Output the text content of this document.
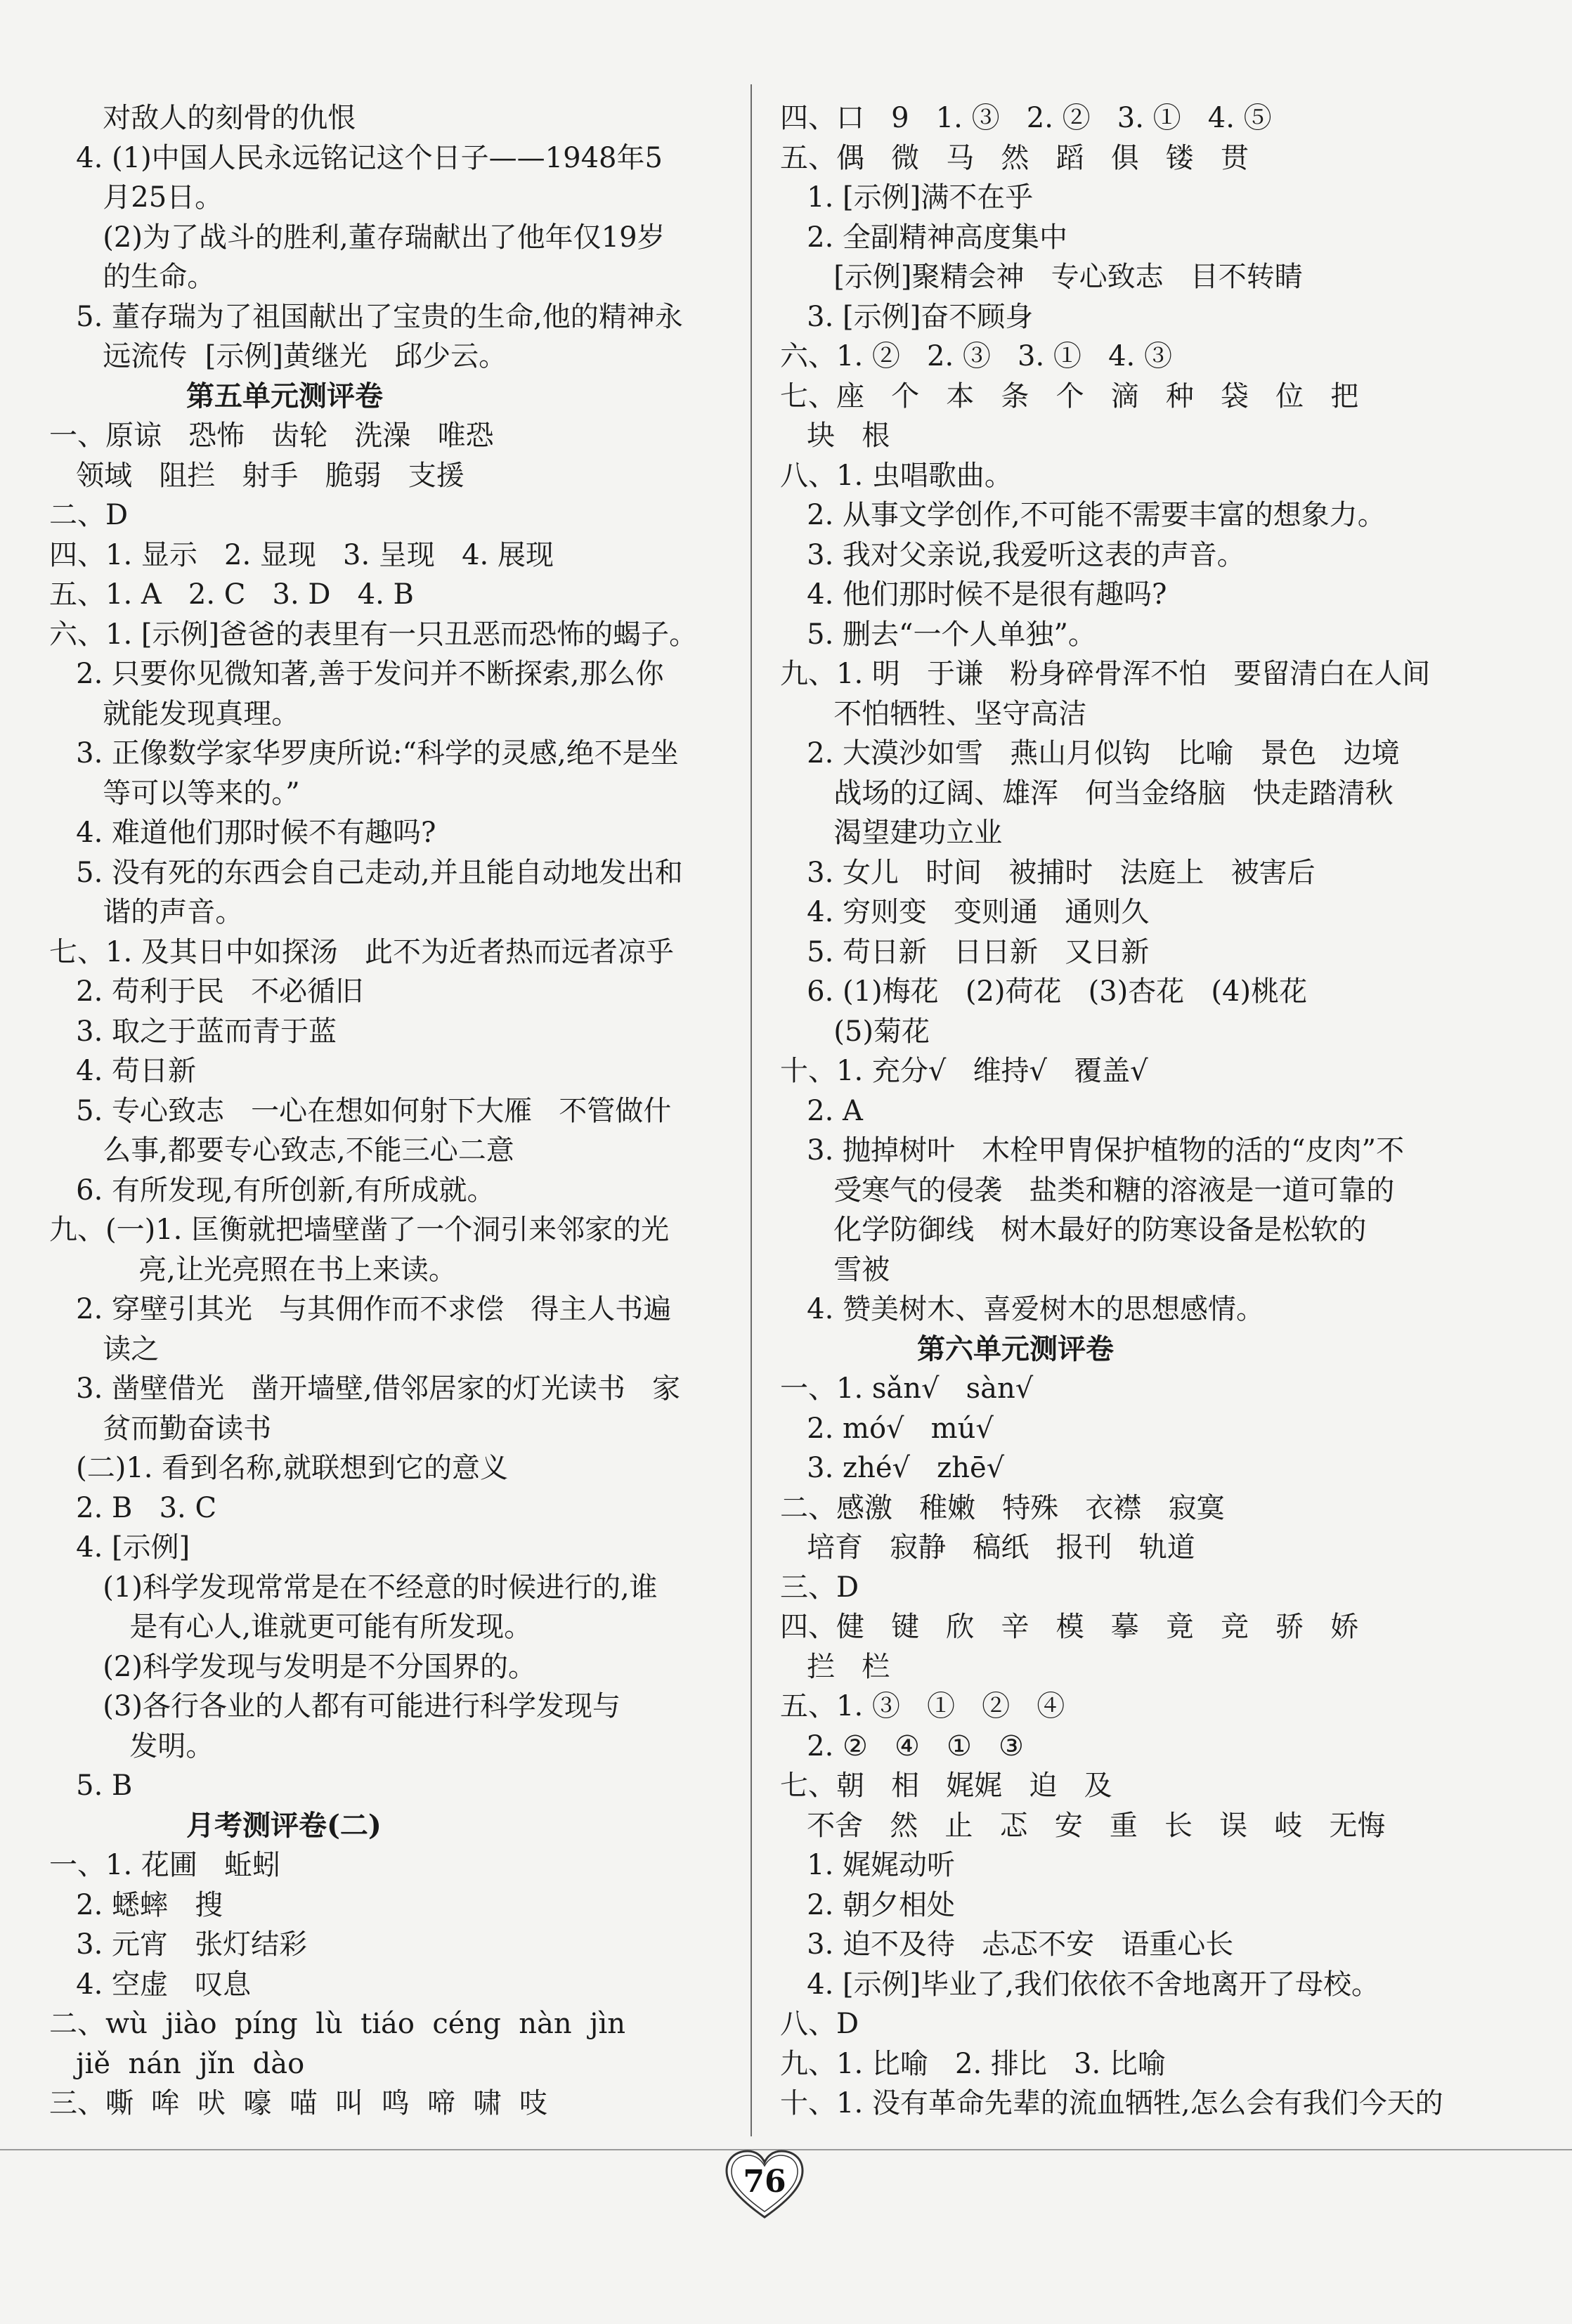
对敌人的刻骨的仇恨
4. (1)中国人民永远铭记这个日子——1948年5
月25日。
(2)为了战斗的胜利,董存瑞献出了他年仅19岁
的生命。
5. 董存瑞为了祖国献出了宝贵的生命,他的精神永
远流传  [示例]黄继光   邱少云。
第五单元测评卷
一、原谅   恐怖   齿轮   洗澡   唯恐
领域   阻拦   射手   脆弱   支援
二、D
四、1. 显示   2. 显现   3. 呈现   4. 展现
五、1. A   2. C   3. D   4. B
六、1. [示例]爸爸的表里有一只丑恶而恐怖的蝎子。
2. 只要你见微知著,善于发问并不断探索,那么你
就能发现真理。
3. 正像数学家华罗庚所说:“科学的灵感,绝不是坐
等可以等来的。”
4. 难道他们那时候不有趣吗?
5. 没有死的东西会自己走动,并且能自动地发出和
谐的声音。
七、1. 及其日中如探汤   此不为近者热而远者凉乎
2. 苟利于民   不必循旧
3. 取之于蓝而青于蓝
4. 苟日新
5. 专心致志   一心在想如何射下大雁   不管做什
么事,都要专心致志,不能三心二意
6. 有所发现,有所创新,有所成就。
九、(一)1. 匡衡就把墙壁凿了一个洞引来邻家的光
亮,让光亮照在书上来读。
2. 穿壁引其光   与其佣作而不求偿   得主人书遍
读之
3. 凿壁借光   凿开墙壁,借邻居家的灯光读书   家
贫而勤奋读书
(二)1. 看到名称,就联想到它的意义
2. B   3. C
4. [示例]
(1)科学发现常常是在不经意的时候进行的,谁
是有心人,谁就更可能有所发现。
(2)科学发现与发明是不分国界的。
(3)各行各业的人都有可能进行科学发现与
发明。
5. B
月考测评卷(二)
一、1. 花圃   蚯蚓
2. 蟋蟀   搜
3. 元宵   张灯结彩
4. 空虚   叹息
二、wù  jiào  píng  lù  tiáo  céng  nàn  jìn
jiě  nán  jǐn  dào
三、嘶  哞  吠  嚎  喵  叫  鸣  啼  啸  吱
四、口   9   1. ③   2. ②   3. ①   4. ⑤
五、偶   微   马   然   蹈   俱   镂   贯
1. [示例]满不在乎
2. 全副精神高度集中
[示例]聚精会神   专心致志   目不转睛
3. [示例]奋不顾身
六、1. ②   2. ③   3. ①   4. ③
七、座   个   本   条   个   滴   种   袋   位   把
块   根
八、1. 虫唱歌曲。
2. 从事文学创作,不可能不需要丰富的想象力。
3. 我对父亲说,我爱听这表的声音。
4. 他们那时候不是很有趣吗?
5. 删去“一个人单独”。
九、1. 明   于谦   粉身碎骨浑不怕   要留清白在人间
不怕牺牲、坚守高洁
2. 大漠沙如雪   燕山月似钩   比喻   景色   边境
战场的辽阔、雄浑   何当金络脑   快走踏清秋
渴望建功立业
3. 女儿   时间   被捕时   法庭上   被害后
4. 穷则变   变则通   通则久
5. 苟日新   日日新   又日新
6. (1)梅花   (2)荷花   (3)杏花   (4)桃花
(5)菊花
十、1. 充分√   维持√   覆盖√
2. A
3. 抛掉树叶   木栓甲胄保护植物的活的“皮肉”不
受寒气的侵袭   盐类和糖的溶液是一道可靠的
化学防御线   树木最好的防寒设备是松软的
雪被
4. 赞美树木、喜爱树木的思想感情。
第六单元测评卷
一、1. sǎn√   sàn√
2. mó√   mú√
3. zhé√   zhē√
二、感激   稚嫩   特殊   衣襟   寂寞
培育   寂静   稿纸   报刊   轨道
三、D
四、健   键   欣   辛   模   摹   竟   竞   骄   娇
拦   栏
五、1. ③   ①   ②   ④
2. ②   ④   ①   ③
七、朝   相   娓娓   迫   及
不舍   然   止   忑   安   重   长   误   岐   无悔
1. 娓娓动听
2. 朝夕相处
3. 迫不及待   忐忑不安   语重心长
4. [示例]毕业了,我们依依不舍地离开了母校。
八、D
九、1. 比喻   2. 排比   3. 比喻
十、1. 没有革命先辈的流血牺牲,怎么会有我们今天的
76
